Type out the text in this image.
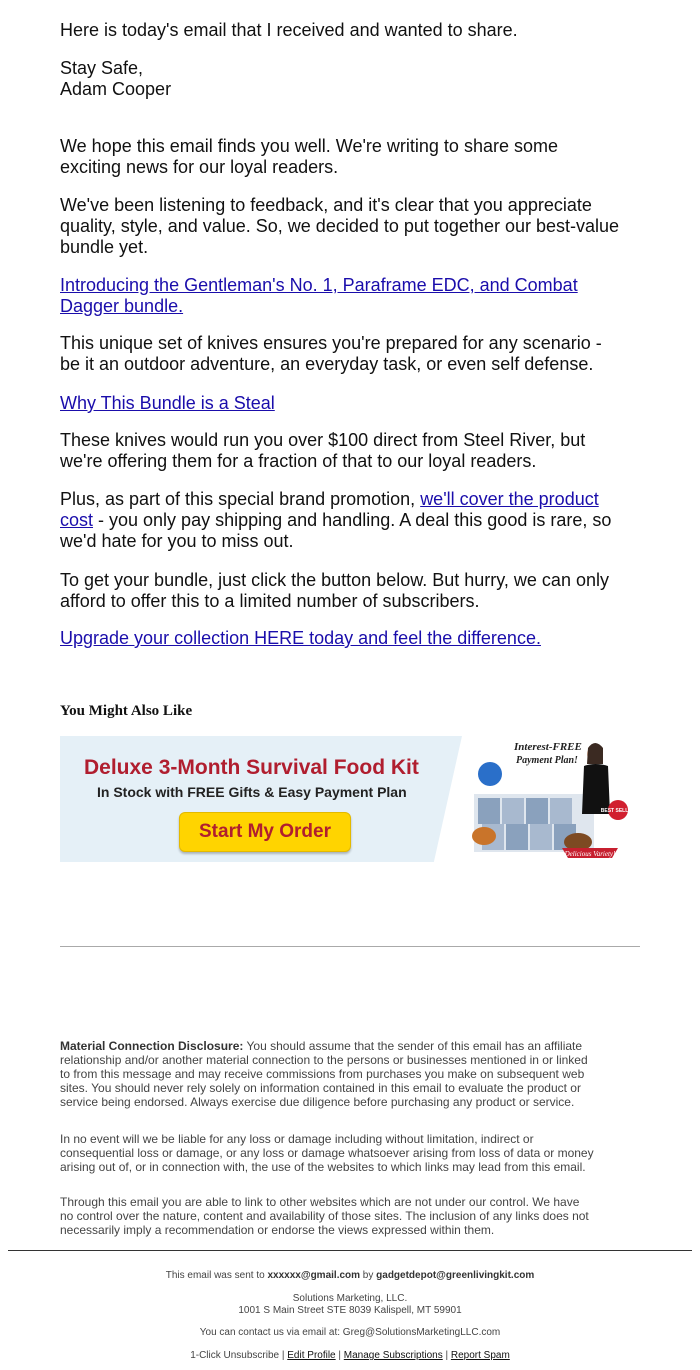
Here is today's email that I received and wanted to share.
Stay Safe,
Adam Cooper
We hope this email finds you well. We're writing to share some
exciting news for our loyal readers.
We've been listening to feedback, and it's clear that you appreciate
quality, style, and value. So, we decided to put together our best-value
bundle yet.
Introducing the Gentleman's No. 1, Paraframe EDC, and Combat
Dagger bundle.
This unique set of knives ensures you're prepared for any scenario -
be it an outdoor adventure, an everyday task, or even self defense.
Why This Bundle is a Steal
These knives would run you over $100 direct from Steel River, but
we're offering them for a fraction of that to our loyal readers.
Plus, as part of this special brand promotion, we'll cover the product
cost - you only pay shipping and handling. A deal this good is rare, so
we'd hate for you to miss out.
To get your bundle, just click the button below. But hurry, we can only
afford to offer this to a limited number of subscribers.
Upgrade your collection HERE today and feel the difference.
You Might Also Like
Deluxe 3-Month Survival Food Kit
In Stock with FREE Gifts & Easy Payment Plan
Start My Order
Interest-FREE
Payment Plan!
BEST SELLER
Delicious Variety!
Material Connection Disclosure: You should assume that the sender of this email has an affiliate
relationship and/or another material connection to the persons or businesses mentioned in or linked
to from this message and may receive commissions from purchases you make on subsequent web
sites. You should never rely solely on information contained in this email to evaluate the product or
service being endorsed. Always exercise due diligence before purchasing any product or service.
In no event will we be liable for any loss or damage including without limitation, indirect or
consequential loss or damage, or any loss or damage whatsoever arising from loss of data or money
arising out of, or in connection with, the use of the websites to which links may lead from this email.
Through this email you are able to link to other websites which are not under our control. We have
no control over the nature, content and availability of those sites. The inclusion of any links does not
necessarily imply a recommendation or endorse the views expressed within them.
This email was sent to xxxxxx@gmail.com by gadgetdepot@greenlivingkit.com
Solutions Marketing, LLC.
1001 S Main Street STE 8039 Kalispell, MT 59901
You can contact us via email at: Greg@SolutionsMarketingLLC.com
1-Click Unsubscribe | Edit Profile | Manage Subscriptions | Report Spam
